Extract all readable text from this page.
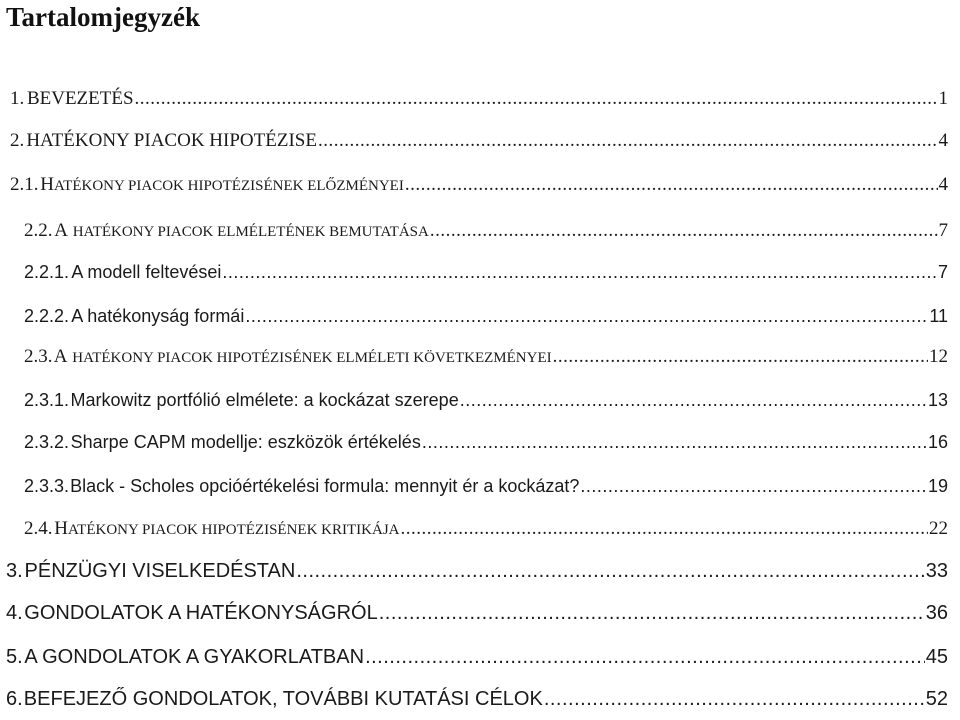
Tartalomjegyzék
1. BEVEZETÉS .....	1
2. HATÉKONY PIACOK HIPOTÉZISE .....	4
2.1. HATÉKONY PIACOK HIPOTÉZISÉNEK ELŐZMÉNYEI .....	4
2.2. A HATÉKONY PIACOK ELMÉLETÉNEK BEMUTATÁSA .....	7
2.2.1. A modell feltevései .....	7
2.2.2. A hatékonyság formái .....	11
2.3. A HATÉKONY PIACOK HIPOTÉZISÉNEK ELMÉLETI KÖVETKEZMÉNYEI .....	12
2.3.1. Markowitz portfólió elmélete: a kockázat szerepe .....	13
2.3.2. Sharpe CAPM modellje: eszközök értékelés .....	16
2.3.3. Black - Scholes opcióértékelési formula: mennyit ér a kockázat? .....	19
2.4. HATÉKONY PIACOK HIPOTÉZISÉNEK KRITIKÁJA .....	22
3. PÉNZÜGYI VISELKEDÉSTAN .....	33
4. GONDOLATOK A HATÉKONYSÁGRÓL .....	36
5. A GONDOLATOK A GYAKORLATBAN .....	45
6. BEFEJEZŐ GONDOLATOK, TOVÁBBI KUTATÁSI CÉLOK .....	52
